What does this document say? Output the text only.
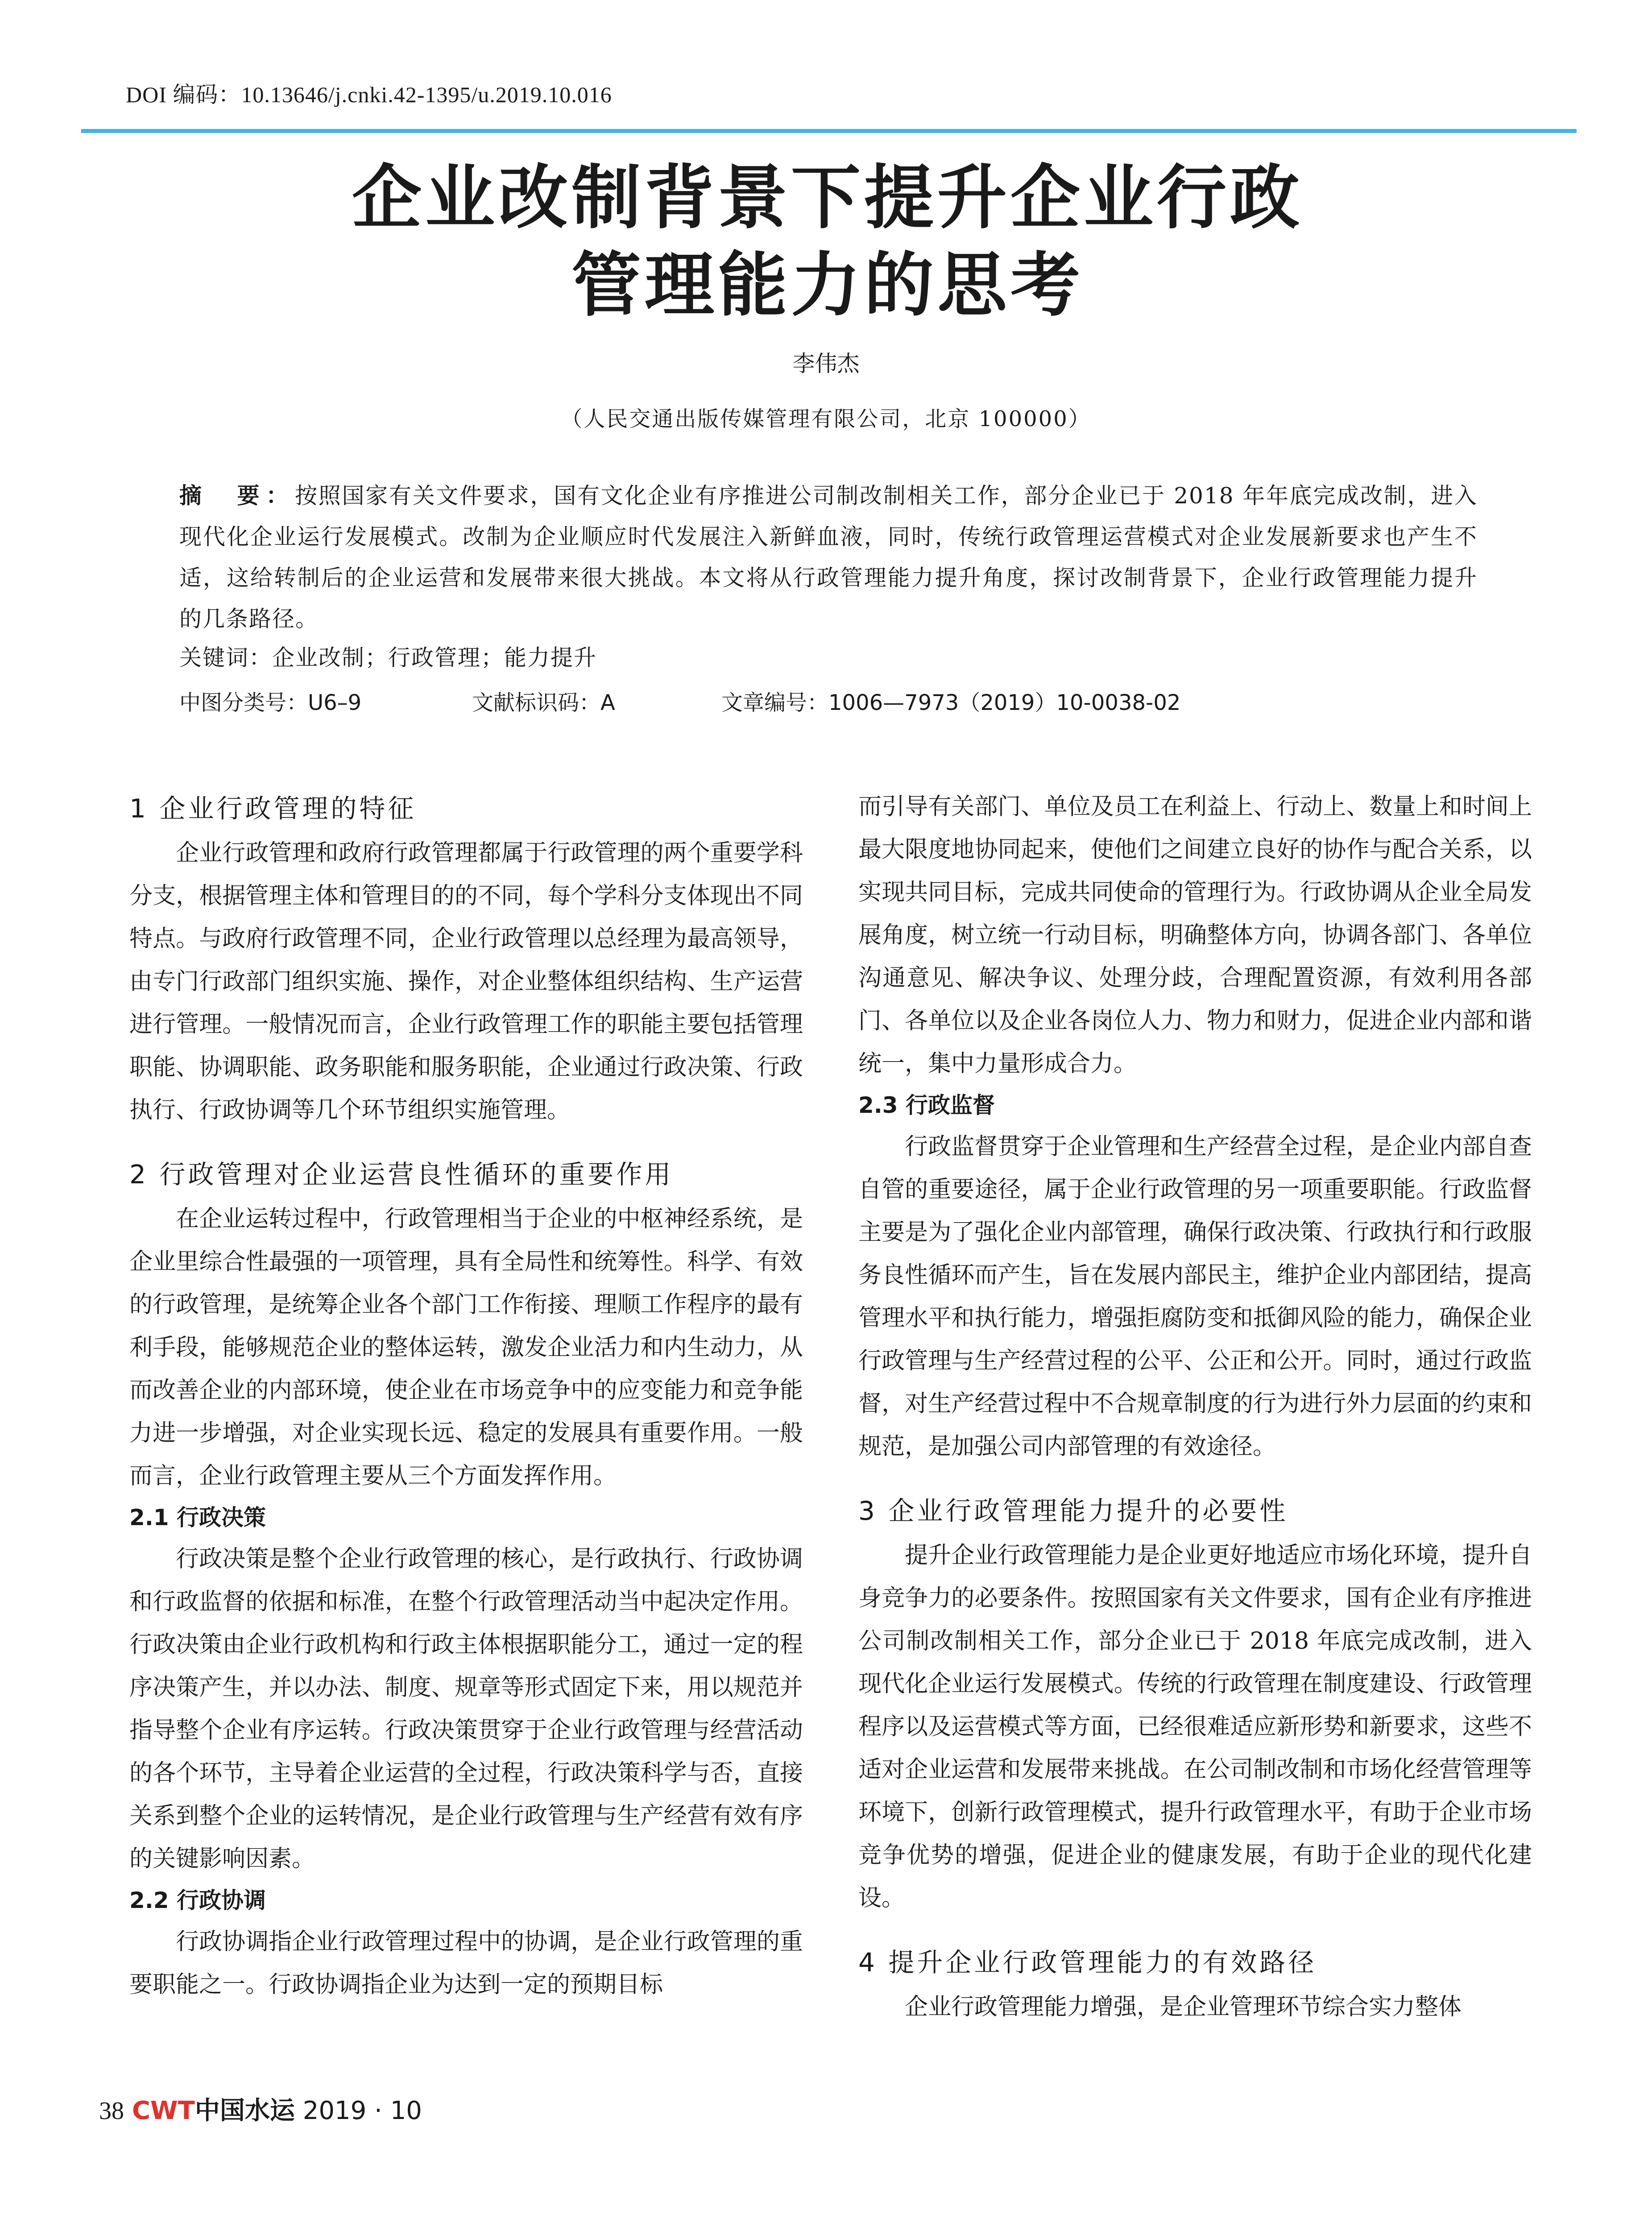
DOI 编码：10.13646/j.cnki.42-1395/u.2019.10.016
企业改制背景下提升企业行政
管理能力的思考
李伟杰
（人民交通出版传媒管理有限公司，北京 100000）

摘　要：按照国家有关文件要求，国有文化企业有序推进公司制改制相关工作，部分企业已于 2018 年年底完成改制，进入现代化企业运行发展模式。改制为企业顺应时代发展注入新鲜血液，同时，传统行政管理运营模式对企业发展新要求也产生不适，这给转制后的企业运营和发展带来很大挑战。本文将从行政管理能力提升角度，探讨改制背景下，企业行政管理能力提升的几条路径。

关键词：企业改制；行政管理；能力提升
中图分类号：U6–9	文献标识码：A	文章编号：1006—7973（2019）10-0038-02
1 企业行政管理的特征

企业行政管理和政府行政管理都属于行政管理的两个重要学科分支，根据管理主体和管理目的的不同，每个学科分支体现出不同特点。与政府行政管理不同，企业行政管理以总经理为最高领导，由专门行政部门组织实施、操作，对企业整体组织结构、生产运营进行管理。一般情况而言，企业行政管理工作的职能主要包括管理职能、协调职能、政务职能和服务职能，企业通过行政决策、行政执行、行政协调等几个环节组织实施管理。

2 行政管理对企业运营良性循环的重要作用

在企业运转过程中，行政管理相当于企业的中枢神经系统，是企业里综合性最强的一项管理，具有全局性和统筹性。科学、有效的行政管理，是统筹企业各个部门工作衔接、理顺工作程序的最有利手段，能够规范企业的整体运转，激发企业活力和内生动力，从而改善企业的内部环境，使企业在市场竞争中的应变能力和竞争能力进一步增强，对企业实现长远、稳定的发展具有重要作用。一般而言，企业行政管理主要从三个方面发挥作用。

2.1 行政决策

行政决策是整个企业行政管理的核心，是行政执行、行政协调和行政监督的依据和标准，在整个行政管理活动当中起决定作用。行政决策由企业行政机构和行政主体根据职能分工，通过一定的程序决策产生，并以办法、制度、规章等形式固定下来，用以规范并指导整个企业有序运转。行政决策贯穿于企业行政管理与经营活动的各个环节，主导着企业运营的全过程，行政决策科学与否，直接关系到整个企业的运转情况，是企业行政管理与生产经营有效有序的关键影响因素。

2.2 行政协调

行政协调指企业行政管理过程中的协调，是企业行政管理的重要职能之一。行政协调指企业为达到一定的预期目标

而引导有关部门、单位及员工在利益上、行动上、数量上和时间上最大限度地协同起来，使他们之间建立良好的协作与配合关系，以实现共同目标，完成共同使命的管理行为。行政协调从企业全局发展角度，树立统一行动目标，明确整体方向，协调各部门、各单位沟通意见、解决争议、处理分歧，合理配置资源，有效利用各部门、各单位以及企业各岗位人力、物力和财力，促进企业内部和谐统一，集中力量形成合力。

2.3 行政监督

行政监督贯穿于企业管理和生产经营全过程，是企业内部自查自管的重要途径，属于企业行政管理的另一项重要职能。行政监督主要是为了强化企业内部管理，确保行政决策、行政执行和行政服务良性循环而产生，旨在发展内部民主，维护企业内部团结，提高管理水平和执行能力，增强拒腐防变和抵御风险的能力，确保企业行政管理与生产经营过程的公平、公正和公开。同时，通过行政监督，对生产经营过程中不合规章制度的行为进行外力层面的约束和规范，是加强公司内部管理的有效途径。

3 企业行政管理能力提升的必要性

提升企业行政管理能力是企业更好地适应市场化环境，提升自身竞争力的必要条件。按照国家有关文件要求，国有企业有序推进公司制改制相关工作，部分企业已于 2018 年底完成改制，进入现代化企业运行发展模式。传统的行政管理在制度建设、行政管理程序以及运营模式等方面，已经很难适应新形势和新要求，这些不适对企业运营和发展带来挑战。在公司制改制和市场化经营管理等环境下，创新行政管理模式，提升行政管理水平，有助于企业市场竞争优势的增强，促进企业的健康发展，有助于企业的现代化建设。

4 提升企业行政管理能力的有效路径

企业行政管理能力增强，是企业管理环节综合实力整体

38 CWT中国水运 2019 · 10
